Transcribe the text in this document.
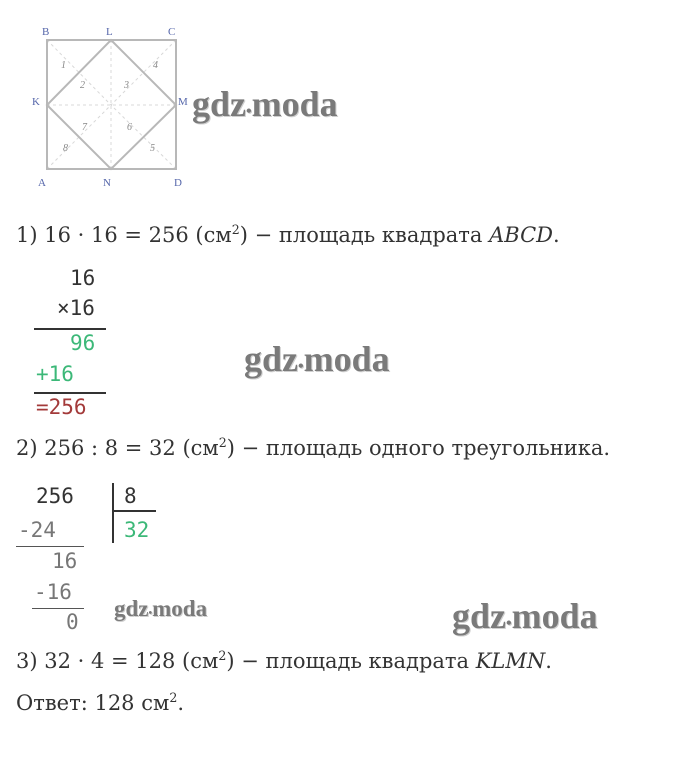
B	L	C
K	M
A	N	D
1
2	3
4
5
6
7
8
gdz•moda
gdz•moda
gdz•moda	gdz•moda
1) 16 · 16 = 256 $(см^2)$ − площадь квадрата ABCD.
16
×16
96
+16
=256
2) 256 : 8 = 32 $(см^2)$ − площадь одного треугольника.
256 8
32
-24
16
-16
0
3) 32 · 4 = 128 $(см^2)$ − площадь квадрата KLMN.
Ответ: 128 $см^2$.
